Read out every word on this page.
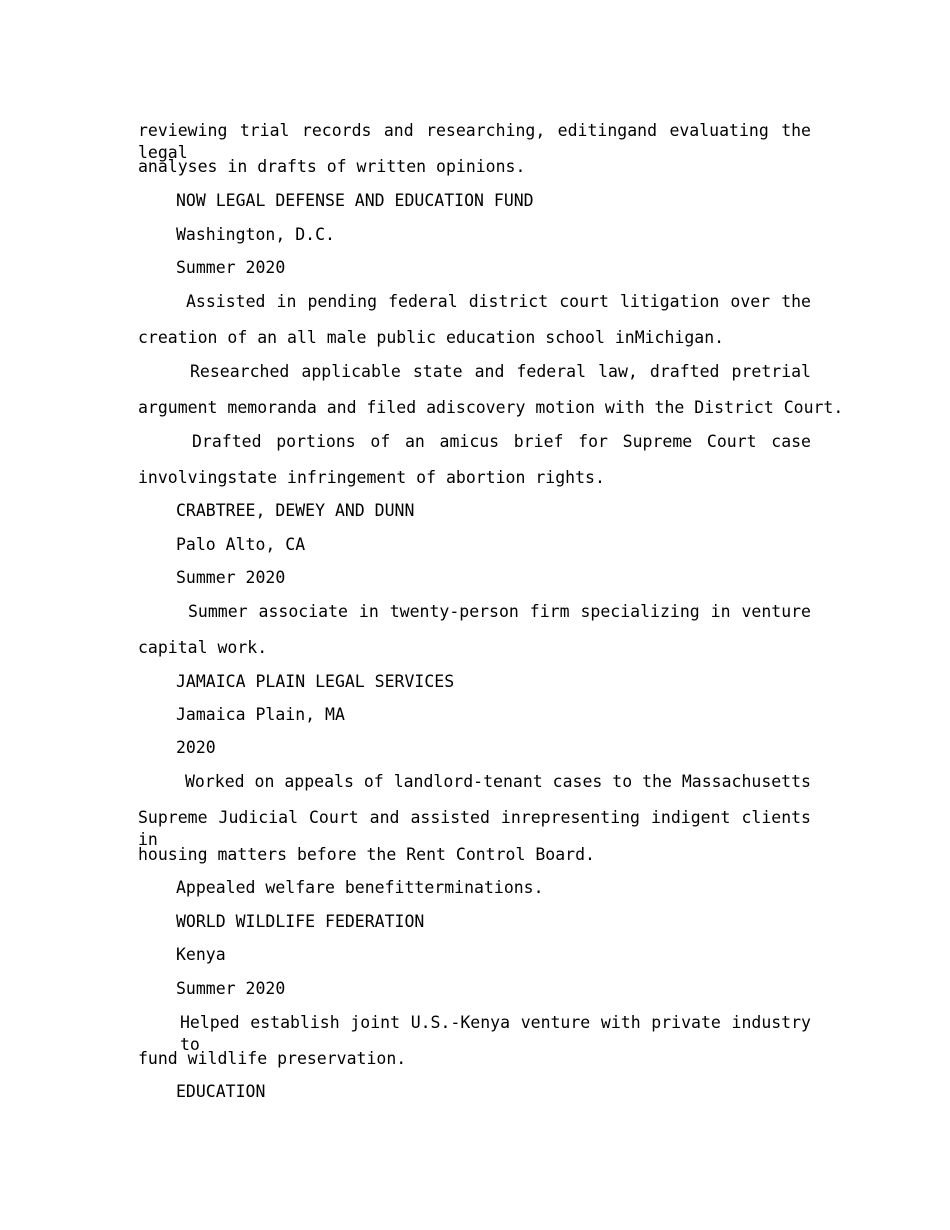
reviewing trial records and researching, editingand evaluating the legal
analyses in drafts of written opinions.
NOW LEGAL DEFENSE AND EDUCATION FUND
Washington, D.C.
Summer 2020
Assisted in pending federal district court litigation over the
creation of an all male public education school inMichigan.
Researched applicable state and federal law, drafted pretrial
argument memoranda and filed adiscovery motion with the District Court.
Drafted portions of an amicus brief for Supreme Court case
involvingstate infringement of abortion rights.
CRABTREE, DEWEY AND DUNN
Palo Alto, CA
Summer 2020
Summer associate in twenty-person firm specializing in venture
capital work.
JAMAICA PLAIN LEGAL SERVICES
Jamaica Plain, MA
2020
Worked on appeals of landlord-tenant cases to the Massachusetts
Supreme Judicial Court and assisted inrepresenting indigent clients in
housing matters before the Rent Control Board.
Appealed welfare benefitterminations.
WORLD WILDLIFE FEDERATION
Kenya
Summer 2020
Helped establish joint U.S.-Kenya venture with private industry to
fund wildlife preservation.
EDUCATION
